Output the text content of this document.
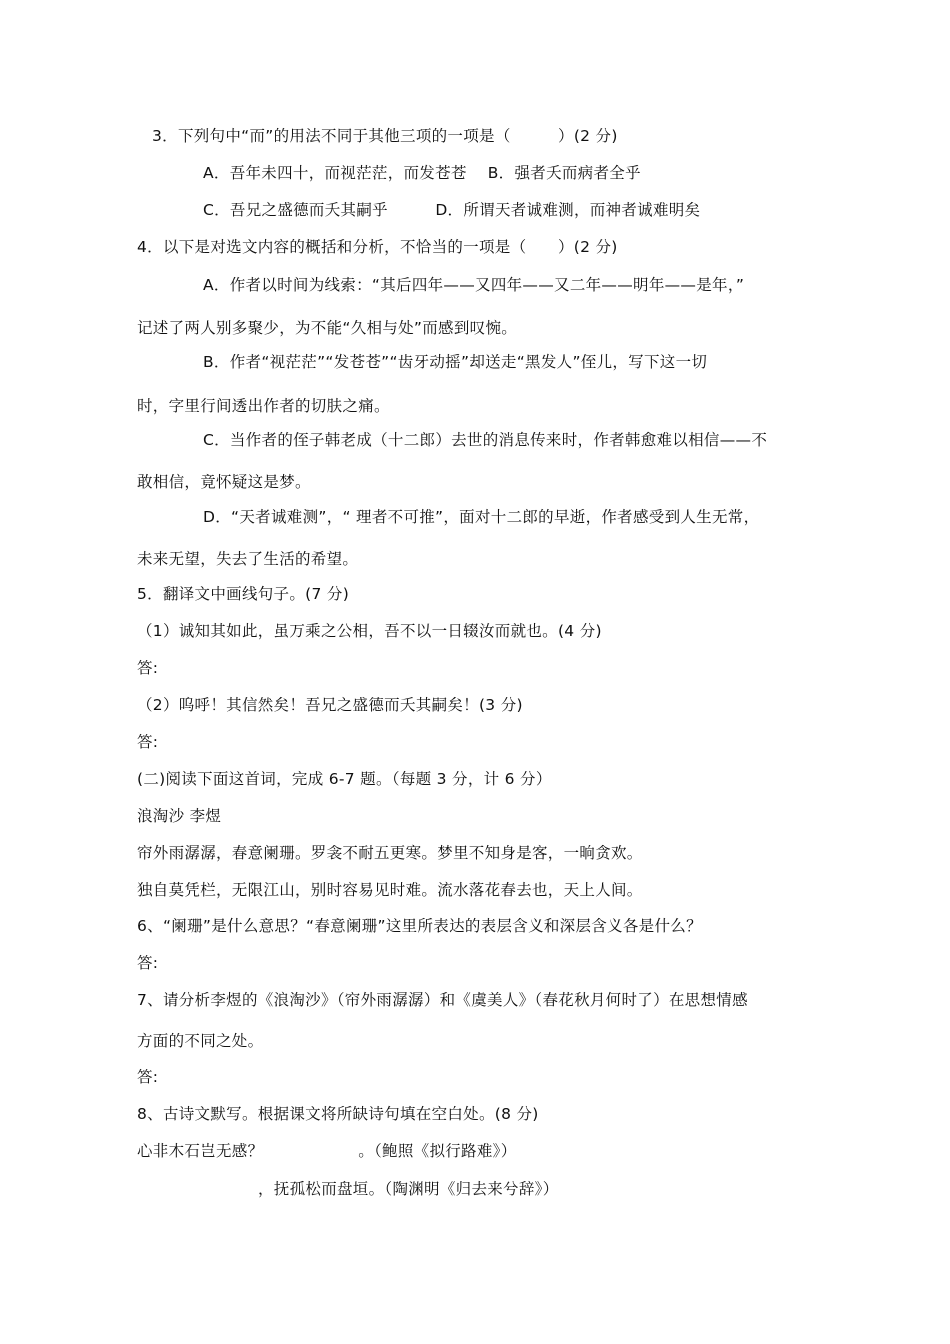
3．下列句中“而”的用法不同于其他三项的一项是（　　　）(2 分)
A．吾年未四十，而视茫茫，而发苍苍　 B．强者夭而病者全乎
C．吾兄之盛德而夭其嗣乎　　　D．所谓天者诚难测，而神者诚难明矣
4．以下是对选文内容的概括和分析，不恰当的一项是（　　）(2 分)
A．作者以时间为线索：“其后四年——又四年——又二年——明年——是年，”
记述了两人别多聚少，为不能“久相与处”而感到叹惋。
B．作者“视茫茫”“发苍苍”“齿牙动摇”却送走“黑发人”侄儿，写下这一切
时，字里行间透出作者的切肤之痛。
C．当作者的侄子韩老成（十二郎）去世的消息传来时，作者韩愈难以相信——不
敢相信，竟怀疑这是梦。
D．“天者诚难测”，“ 理者不可推”，面对十二郎的早逝，作者感受到人生无常，
未来无望，失去了生活的希望。
5．翻译文中画线句子。(7 分)
（1）诚知其如此，虽万乘之公相，吾不以一日辍汝而就也。(4 分)
答:
（2）呜呼！其信然矣！吾兄之盛德而夭其嗣矣！(3 分)
答:
(二)阅读下面这首词，完成 6-7 题。（每题 3 分，计 6 分）
浪淘沙 李煜
帘外雨潺潺，春意阑珊。罗衾不耐五更寒。梦里不知身是客，一晌贪欢。
独自莫凭栏，无限江山，别时容易见时难。流水落花春去也，天上人间。
6、“阑珊”是什么意思？“春意阑珊”这里所表达的表层含义和深层含义各是什么？
答:
7、请分析李煜的《浪淘沙》（帘外雨潺潺）和《虞美人》（春花秋月何时了）在思想情感
方面的不同之处。
答:
8、古诗文默写。根据课文将所缺诗句填在空白处。(8 分)
心非木石岂无感？　　　　　　。（鲍照《拟行路难》）
，抚孤松而盘垣。（陶渊明《归去来兮辞》）
